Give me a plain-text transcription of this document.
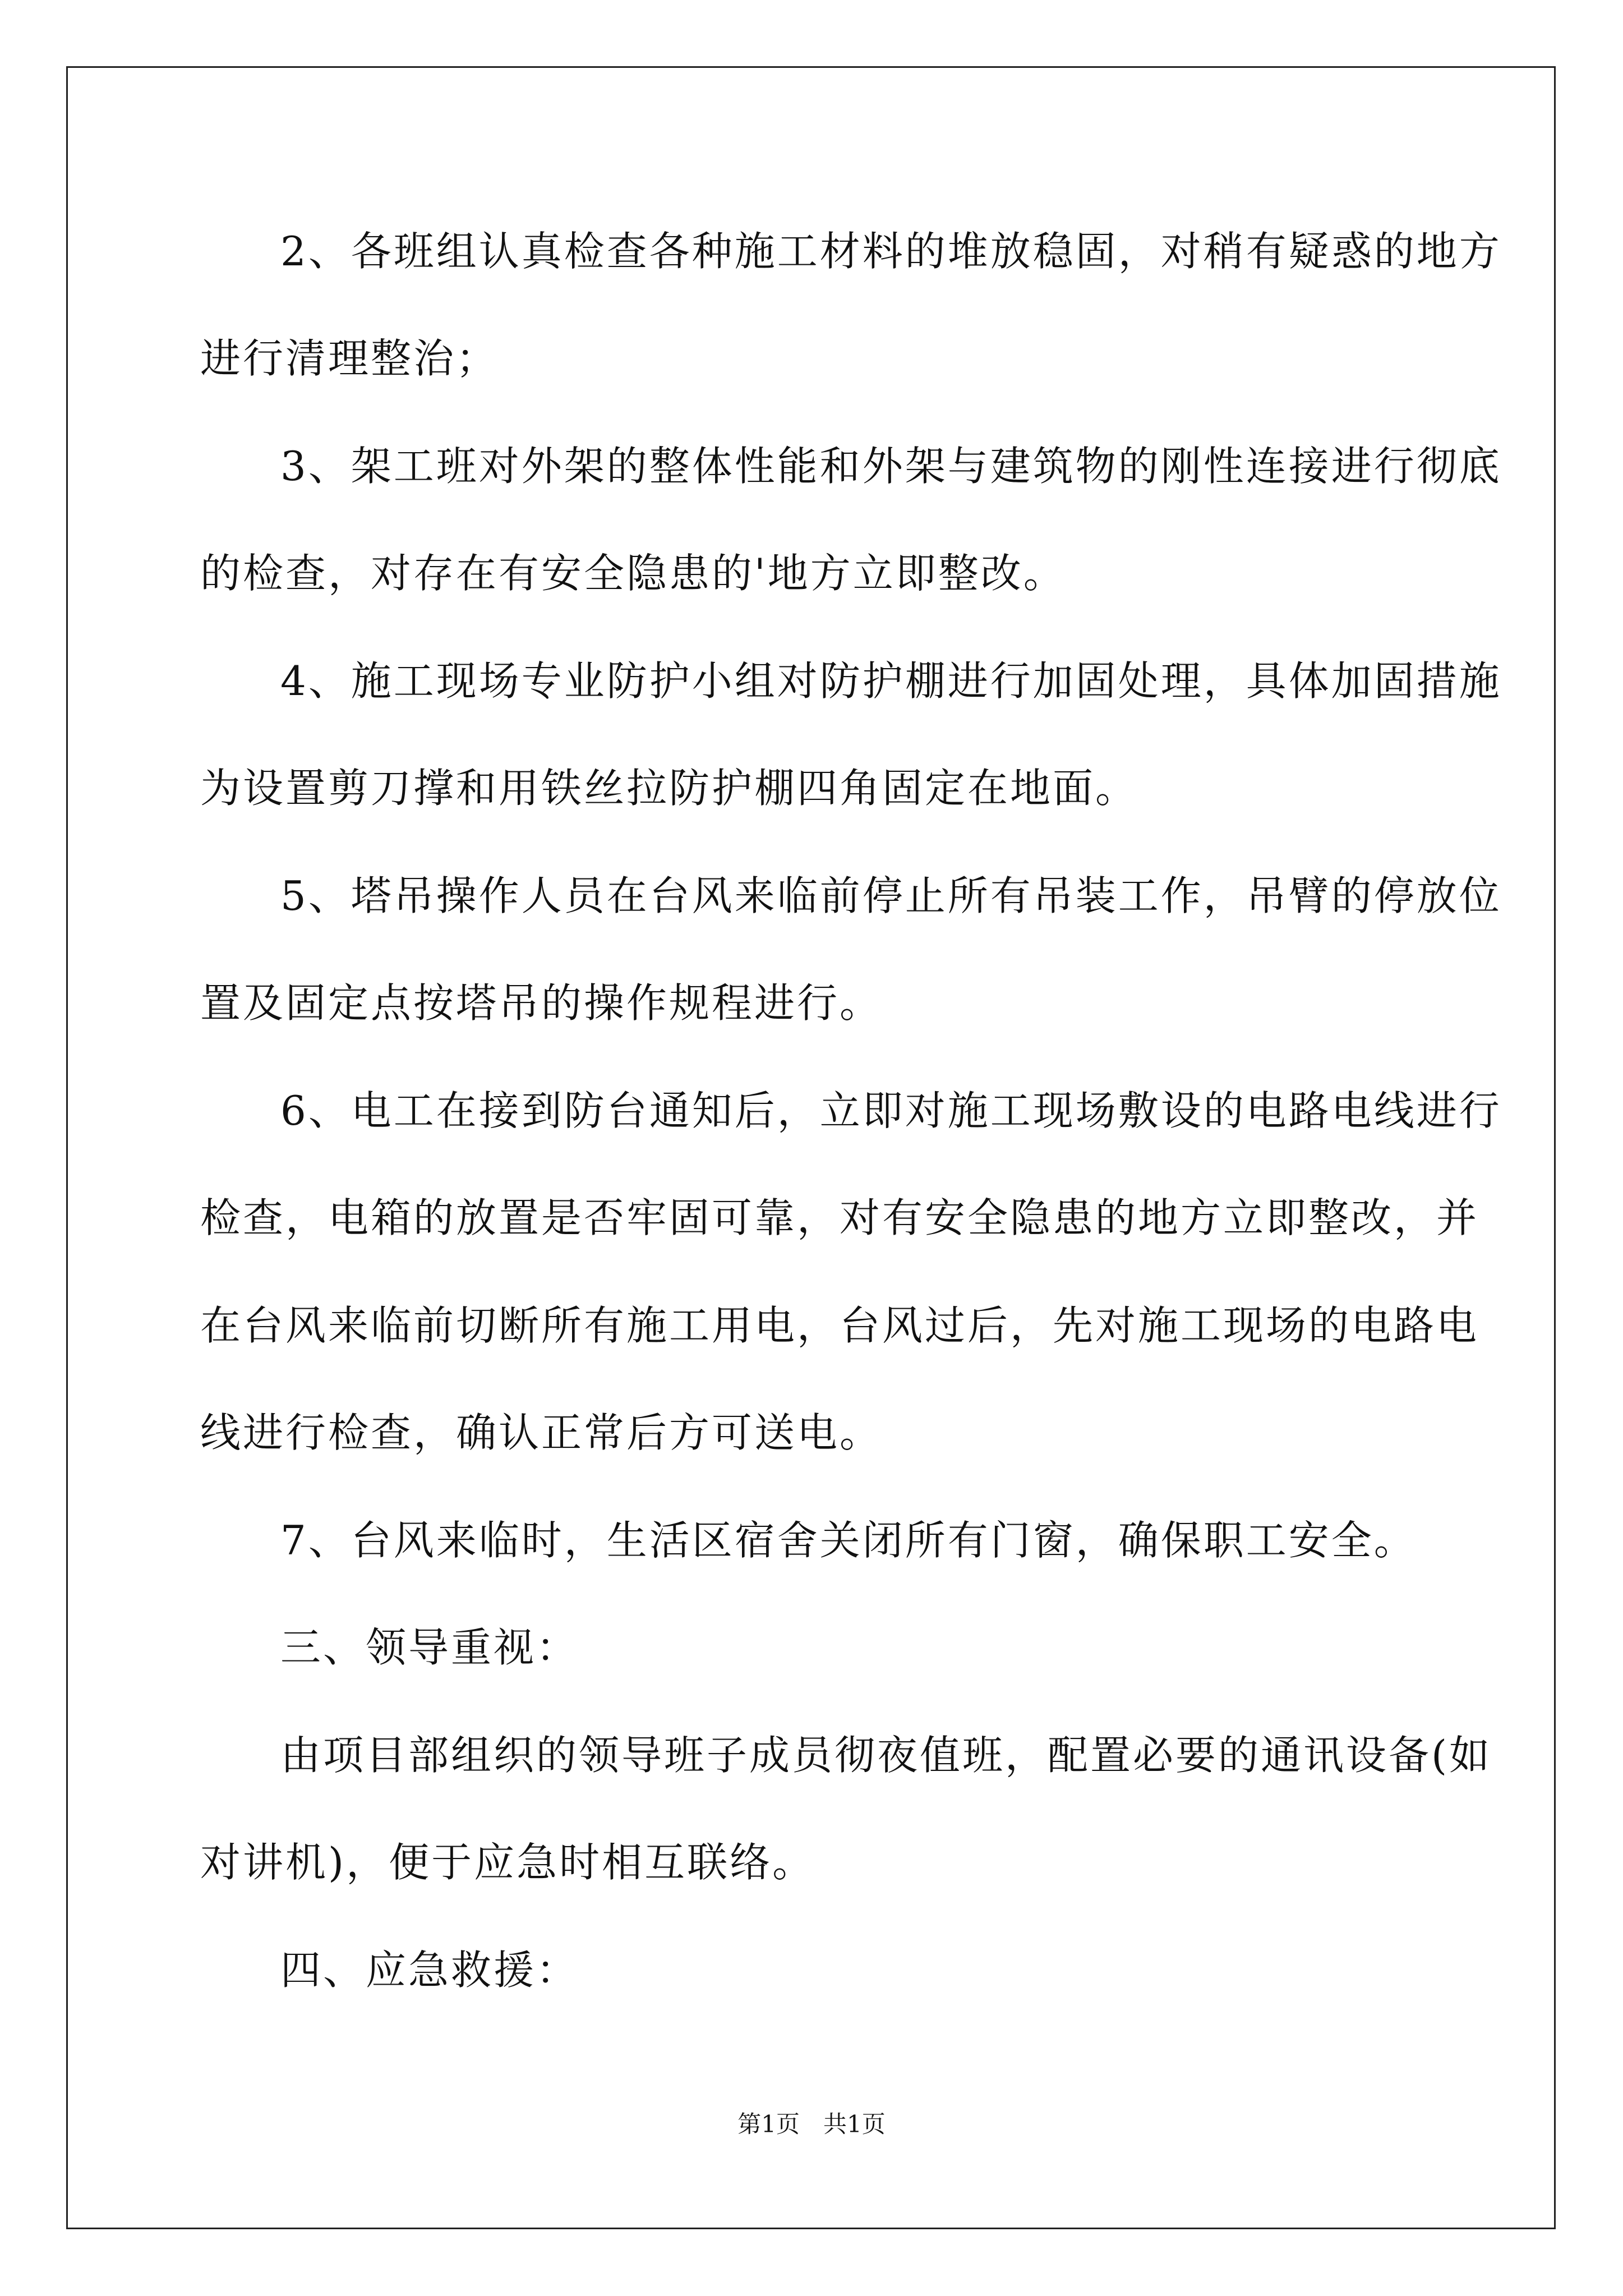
2、各班组认真检查各种施工材料的堆放稳固，对稍有疑惑的地方
进行清理整治；
3、架工班对外架的整体性能和外架与建筑物的刚性连接进行彻底
的检查，对存在有安全隐患的'地方立即整改。
4、施工现场专业防护小组对防护棚进行加固处理，具体加固措施
为设置剪刀撑和用铁丝拉防护棚四角固定在地面。
5、塔吊操作人员在台风来临前停止所有吊装工作，吊臂的停放位
置及固定点按塔吊的操作规程进行。
6、电工在接到防台通知后，立即对施工现场敷设的电路电线进行
检查，电箱的放置是否牢固可靠，对有安全隐患的地方立即整改，并
在台风来临前切断所有施工用电，台风过后，先对施工现场的电路电
线进行检查，确认正常后方可送电。
7、台风来临时，生活区宿舍关闭所有门窗，确保职工安全。
三、领导重视：
由项目部组织的领导班子成员彻夜值班，配置必要的通讯设备(如
对讲机)，便于应急时相互联络。
四、应急救援：
第1页　共1页
